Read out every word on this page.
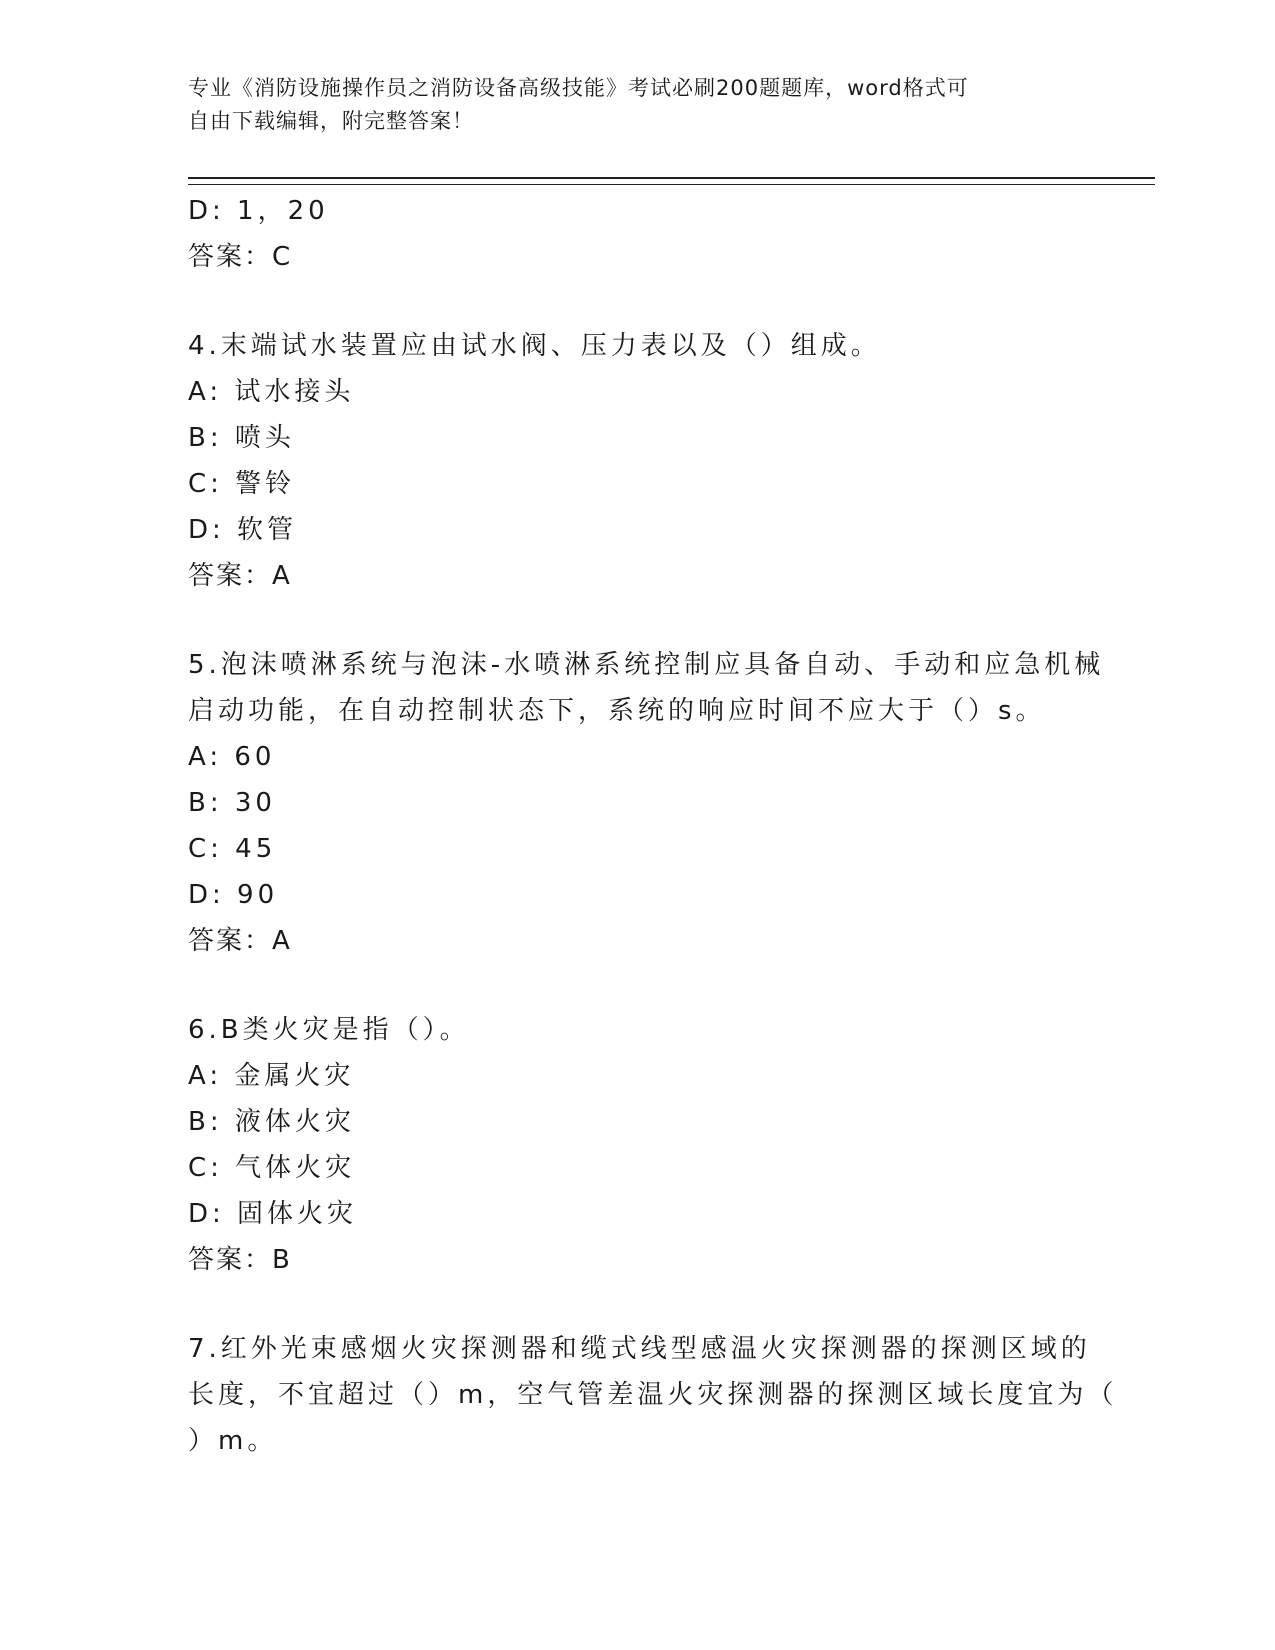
专业《消防设施操作员之消防设备高级技能》考试必刷200题题库，word格式可
自由下载编辑，附完整答案！
D: 1，20
答案：C
4.末端试水装置应由试水阀、压力表以及（）组成。
A: 试水接头
B: 喷头
C: 警铃
D: 软管
答案：A
5.泡沫喷淋系统与泡沫-水喷淋系统控制应具备自动、手动和应急机械
启动功能，在自动控制状态下，系统的响应时间不应大于（）s。
A: 60
B: 30
C: 45
D: 90
答案：A
6.B类火灾是指（）。
A: 金属火灾
B: 液体火灾
C: 气体火灾
D: 固体火灾
答案：B
7.红外光束感烟火灾探测器和缆式线型感温火灾探测器的探测区域的
长度，不宜超过（）m，空气管差温火灾探测器的探测区域长度宜为（
）m。
